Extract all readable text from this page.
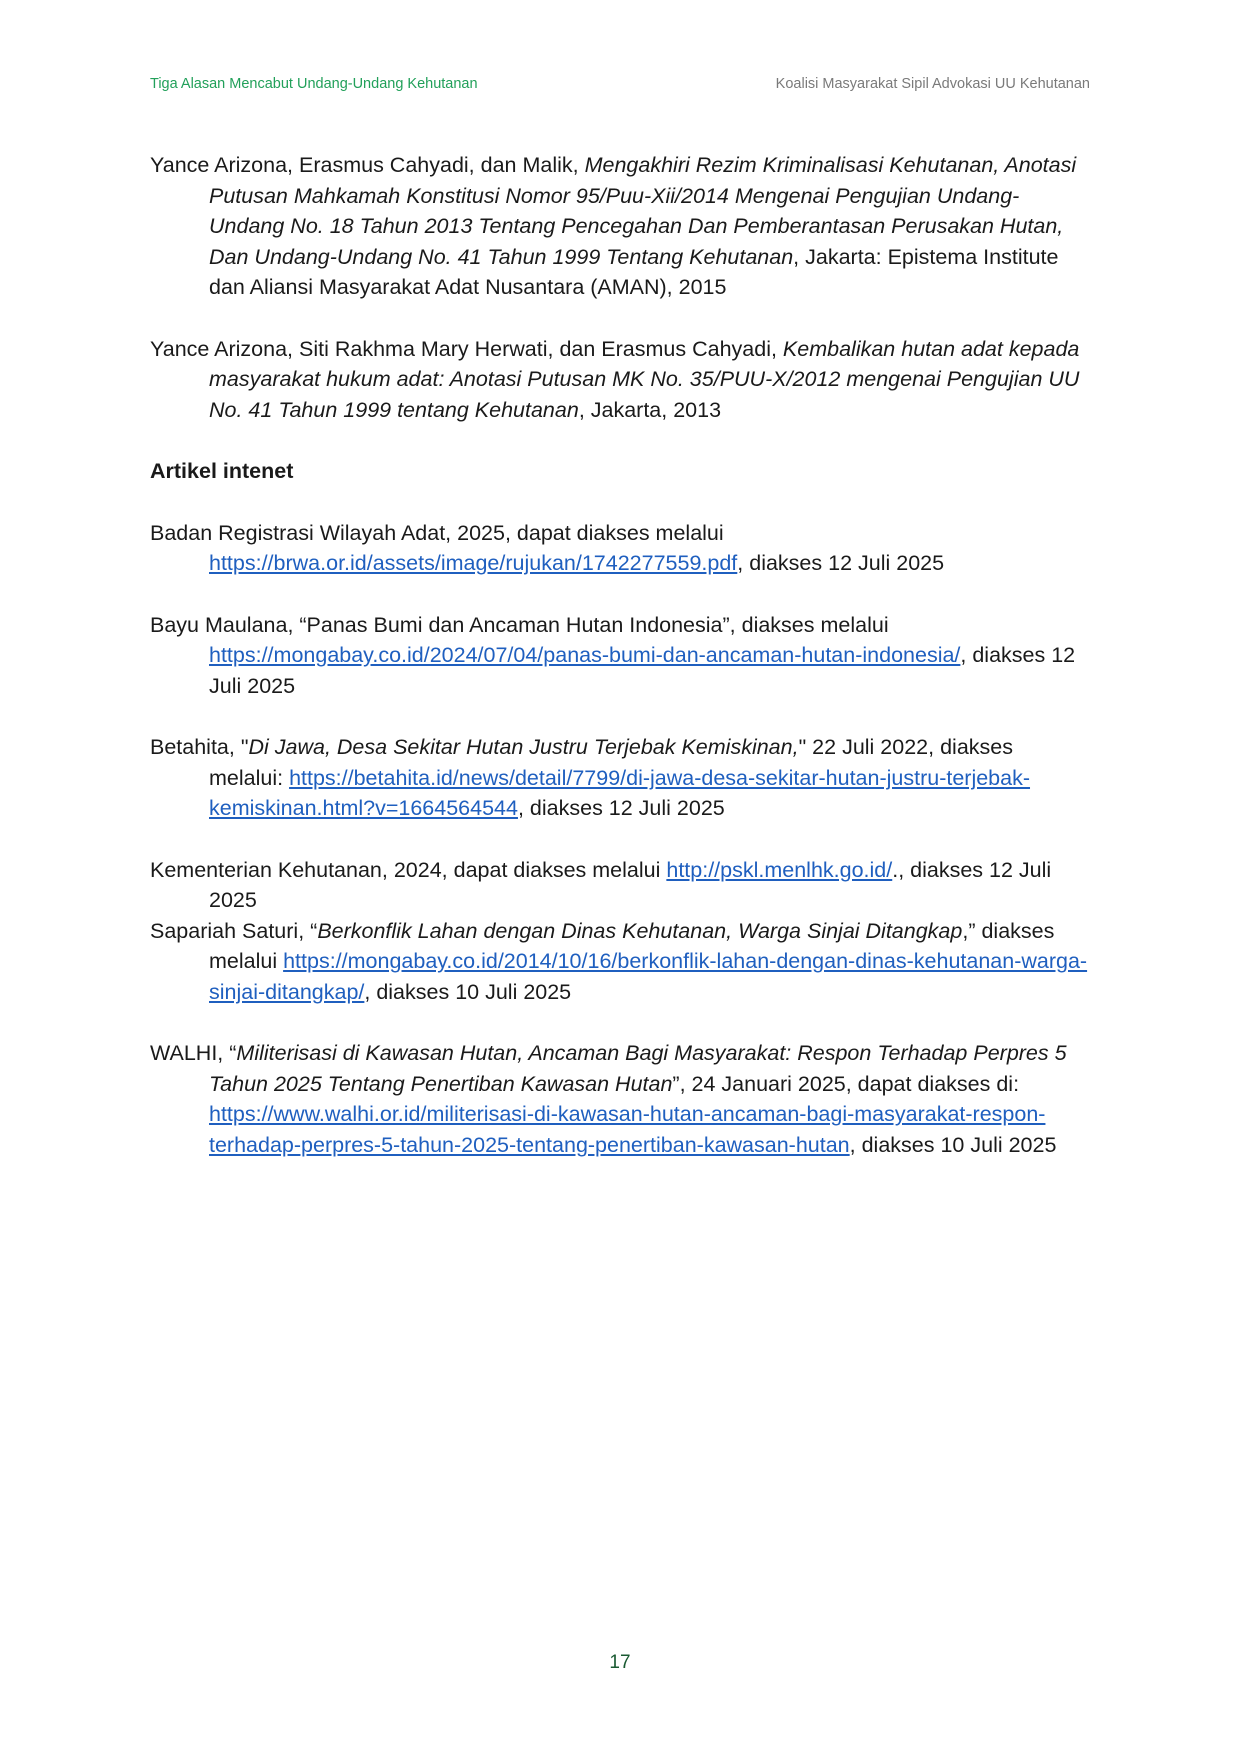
Tiga Alasan Mencabut Undang-Undang Kehutanan	Koalisi Masyarakat Sipil Advokasi UU Kehutanan

Yance Arizona, Erasmus Cahyadi, dan Malik, Mengakhiri Rezim Kriminalisasi Kehutanan, Anotasi Putusan Mahkamah Konstitusi Nomor 95/Puu-Xii/2014 Mengenai Pengujian Undang-Undang No. 18 Tahun 2013 Tentang Pencegahan Dan Pemberantasan Perusakan Hutan, Dan Undang-Undang No. 41 Tahun 1999 Tentang Kehutanan, Jakarta: Epistema Institute dan Aliansi Masyarakat Adat Nusantara (AMAN), 2015

Yance Arizona, Siti Rakhma Mary Herwati, dan Erasmus Cahyadi, Kembalikan hutan adat kepada masyarakat hukum adat: Anotasi Putusan MK No. 35/PUU-X/2012 mengenai Pengujian UU No. 41 Tahun 1999 tentang Kehutanan, Jakarta, 2013

Artikel intenet

Badan Registrasi Wilayah Adat, 2025, dapat diakses melalui https://brwa.or.id/assets/image/rujukan/1742277559.pdf, diakses 12 Juli 2025

Bayu Maulana, “Panas Bumi dan Ancaman Hutan Indonesia”, diakses melalui https://mongabay.co.id/2024/07/04/panas-bumi-dan-ancaman-hutan-indonesia/, diakses 12 Juli 2025

Betahita, "Di Jawa, Desa Sekitar Hutan Justru Terjebak Kemiskinan," 22 Juli 2022, diakses melalui: https://betahita.id/news/detail/7799/di-jawa-desa-sekitar-hutan-justru-terjebak-kemiskinan.html?v=1664564544, diakses 12 Juli 2025

Kementerian Kehutanan, 2024, dapat diakses melalui http://pskl.menlhk.go.id/., diakses 12 Juli 2025

Sapariah Saturi, “Berkonflik Lahan dengan Dinas Kehutanan, Warga Sinjai Ditangkap,” diakses melalui https://mongabay.co.id/2014/10/16/berkonflik-lahan-dengan-dinas-kehutanan-warga-sinjai-ditangkap/, diakses 10 Juli 2025

WALHI, “Militerisasi di Kawasan Hutan, Ancaman Bagi Masyarakat: Respon Terhadap Perpres 5 Tahun 2025 Tentang Penertiban Kawasan Hutan”, 24 Januari 2025, dapat diakses di: https://www.walhi.or.id/militerisasi-di-kawasan-hutan-ancaman-bagi-masyarakat-respon-terhadap-perpres-5-tahun-2025-tentang-penertiban-kawasan-hutan, diakses 10 Juli 2025

17
